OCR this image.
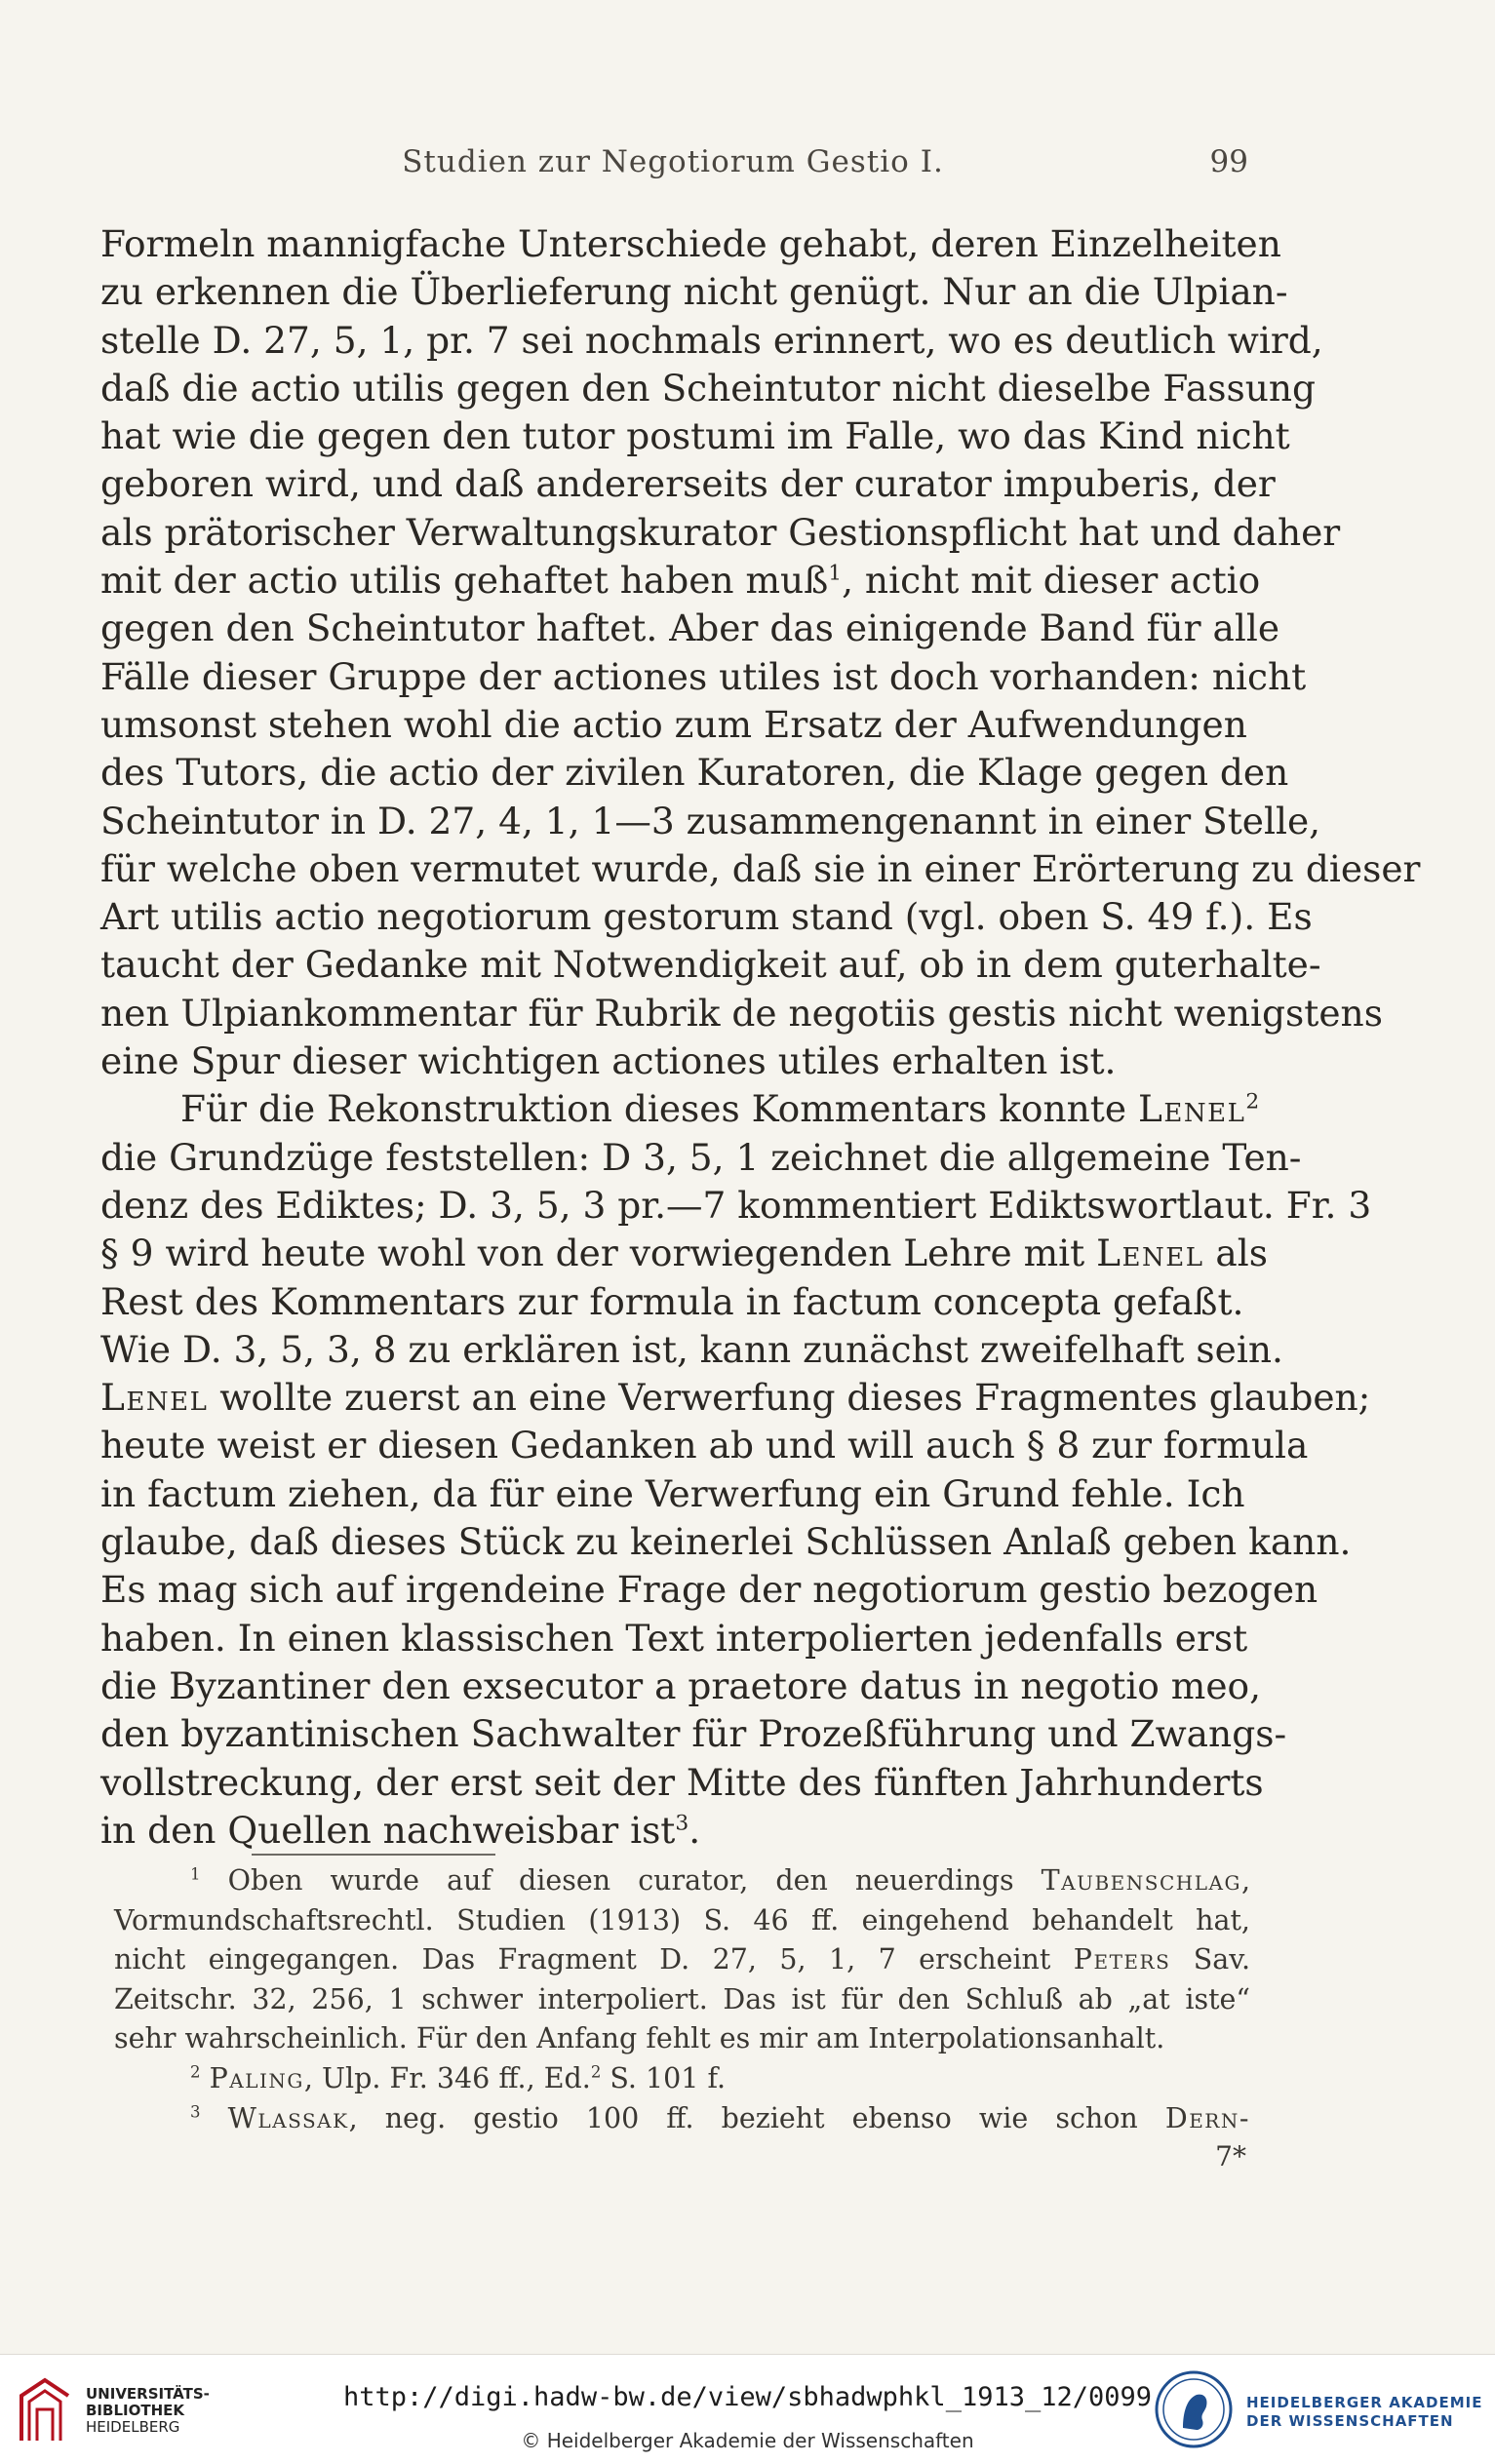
Studien zur Negotiorum Gestio I.	99
Formeln mannigfache Unterschiede gehabt, deren Einzelheiten
zu erkennen die Überlieferung nicht genügt. Nur an die Ulpian-
stelle D. 27, 5, 1, pr. 7 sei nochmals erinnert, wo es deutlich wird,
daß die actio utilis gegen den Scheintutor nicht dieselbe Fassung
hat wie die gegen den tutor postumi im Falle, wo das Kind nicht
geboren wird, und daß andererseits der curator impuberis, der
als prätorischer Verwaltungskurator Gestionspflicht hat und daher
mit der actio utilis gehaftet haben muß$^1$, nicht mit dieser actio
gegen den Scheintutor haftet. Aber das einigende Band für alle
Fälle dieser Gruppe der actiones utiles ist doch vorhanden: nicht
umsonst stehen wohl die actio zum Ersatz der Aufwendungen
des Tutors, die actio der zivilen Kuratoren, die Klage gegen den
Scheintutor in D. 27, 4, 1, 1—3 zusammengenannt in einer Stelle,
für welche oben vermutet wurde, daß sie in einer Erörterung zu dieser
Art utilis actio negotiorum gestorum stand (vgl. oben S. 49 f.). Es
taucht der Gedanke mit Notwendigkeit auf, ob in dem guterhalte-
nen Ulpiankommentar für Rubrik de negotiis gestis nicht wenigstens
eine Spur dieser wichtigen actiones utiles erhalten ist.
Für die Rekonstruktion dieses Kommentars konnte Lenel$^2$
die Grundzüge feststellen: D 3, 5, 1 zeichnet die allgemeine Ten-
denz des Ediktes; D. 3, 5, 3 pr.—7 kommentiert Ediktswortlaut. Fr. 3
§ 9 wird heute wohl von der vorwiegenden Lehre mit Lenel als
Rest des Kommentars zur formula in factum concepta gefaßt.
Wie D. 3, 5, 3, 8 zu erklären ist, kann zunächst zweifelhaft sein.
Lenel wollte zuerst an eine Verwerfung dieses Fragmentes glauben;
heute weist er diesen Gedanken ab und will auch § 8 zur formula
in factum ziehen, da für eine Verwerfung ein Grund fehle. Ich
glaube, daß dieses Stück zu keinerlei Schlüssen Anlaß geben kann.
Es mag sich auf irgendeine Frage der negotiorum gestio bezogen
haben. In einen klassischen Text interpolierten jedenfalls erst
die Byzantiner den exsecutor a praetore datus in negotio meo,
den byzantinischen Sachwalter für Prozeßführung und Zwangs-
vollstreckung, der erst seit der Mitte des fünften Jahrhunderts
in den Quellen nachweisbar ist$^3$.
$^1$ Oben wurde auf diesen curator, den neuerdings Taubenschlag,
Vormundschaftsrechtl. Studien (1913) S. 46 ff. eingehend behandelt hat,
nicht eingegangen. Das Fragment D. 27, 5, 1, 7 erscheint Peters Sav.
Zeitschr. 32, 256, 1 schwer interpoliert. Das ist für den Schluß ab „at iste“
sehr wahrscheinlich. Für den Anfang fehlt es mir am Interpolationsanhalt.
$^2$ Paling, Ulp. Fr. 346 ff., Ed.$^2$ S. 101 f.
$^3$ Wlassak, neg. gestio 100 ff. bezieht ebenso wie schon Dern-
7*
UNIVERSITÄTS-
BIBLIOTHEK
HEIDELBERG
http://digi.hadw-bw.de/view/sbhadwphkl_1913_12/0099
© Heidelberger Akademie der Wissenschaften
HEIDELBERGER AKADEMIE
DER WISSENSCHAFTEN
